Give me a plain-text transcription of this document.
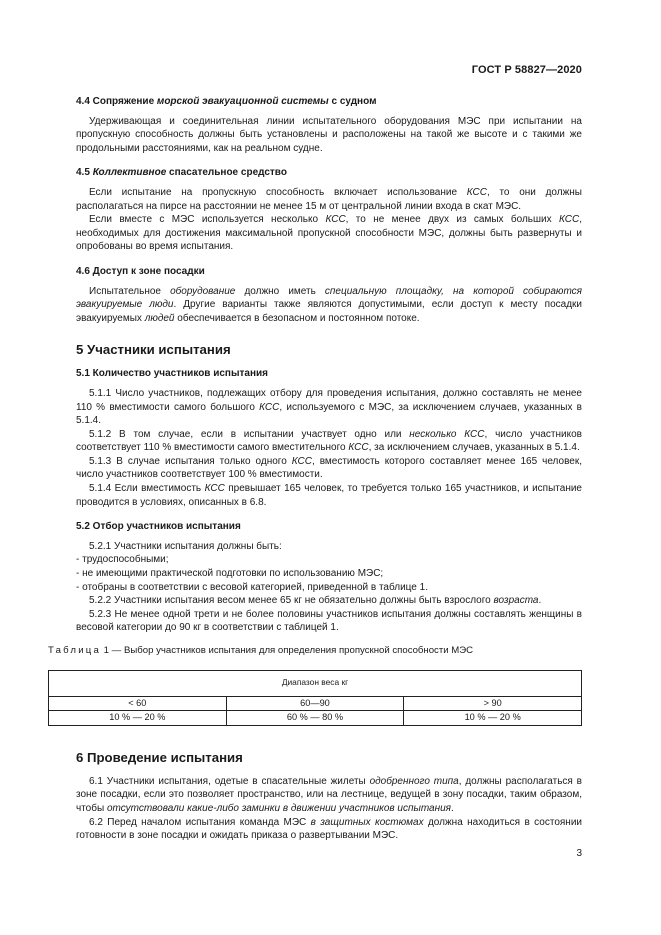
ГОСТ Р 58827—2020
4.4 Сопряжение морской эвакуационной системы с судном

Удерживающая и соединительная линии испытательного оборудования МЭС при испытании на пропускную способность должны быть установлены и расположены на такой же высоте и с такими же продольными расстояниями, как на реальном судне.

4.5 Коллективное спасательное средство

Если испытание на пропускную способность включает использование КСС, то они должны располагаться на пирсе на расстоянии не менее 15 м от центральной линии входа в скат МЭС.

Если вместе с МЭС используется несколько КСС, то не менее двух из самых больших КСС, необходимых для достижения максимальной пропускной способности МЭС, должны быть развернуты и опробованы во время испытания.

4.6 Доступ к зоне посадки

Испытательное оборудование должно иметь специальную площадку, на которой собираются эвакуируемые люди. Другие варианты также являются допустимыми, если доступ к месту посадки эвакуируемых людей обеспечивается в безопасном и постоянном потоке.

5 Участники испытания
5.1 Количество участников испытания

5.1.1 Число участников, подлежащих отбору для проведения испытания, должно составлять не менее 110 % вместимости самого большого КСС, используемого с МЭС, за исключением случаев, указанных в 5.1.4.

5.1.2 В том случае, если в испытании участвует одно или несколько КСС, число участников соответствует 110 % вместимости самого вместительного КСС, за исключением случаев, указанных в 5.1.4.

5.1.3 В случае испытания только одного КСС, вместимость которого составляет менее 165 человек, число участников соответствует 100 % вместимости.

5.1.4 Если вместимость КСС превышает 165 человек, то требуется только 165 участников, и испытание проводится в условиях, описанных в 6.8.

5.2 Отбор участников испытания

5.2.1 Участники испытания должны быть:

- трудоспособными;

- не имеющими практической подготовки по использованию МЭС;

- отобраны в соответствии с весовой категорией, приведенной в таблице 1.

5.2.2 Участники испытания весом менее 65 кг не обязательно должны быть взрослого возраста.

5.2.3 Не менее одной трети и не более половины участников испытания должны составлять женщины в весовой категории до 90 кг в соответствии с таблицей 1.

Таблица 1 — Выбор участников испытания для определения пропускной способности МЭС
Диапазон веса кг		
< 60	60—90	> 90
10 % — 20 %	60 % — 80 %	10 % — 20 %
6 Проведение испытания

6.1 Участники испытания, одетые в спасательные жилеты одобренного типа, должны располагаться в зоне посадки, если это позволяет пространство, или на лестнице, ведущей в зону посадки, таким образом, чтобы отсутствовали какие-либо заминки в движении участников испытания.

6.2 Перед началом испытания команда МЭС в защитных костюмах должна находиться в состоянии готовности в зоне посадки и ожидать приказа о развертывании МЭС.

3
